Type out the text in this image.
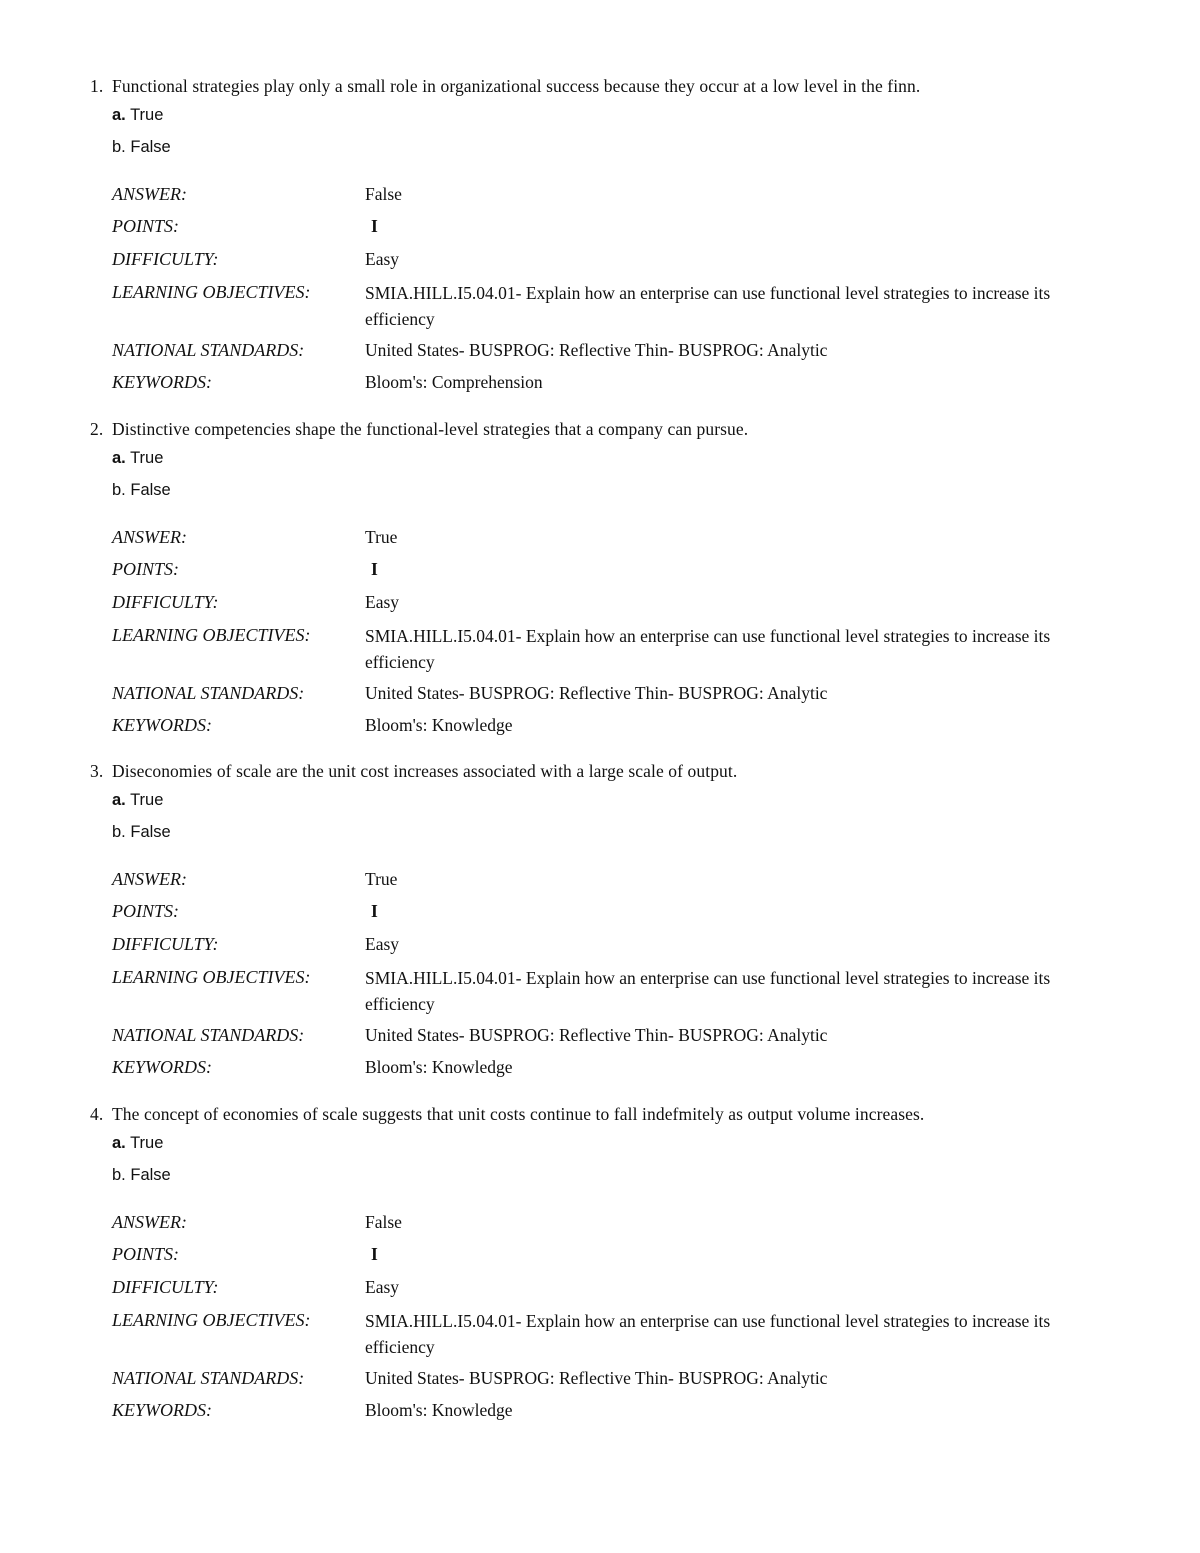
1. Functional strategies play only a small role in organizational success because they occur at a low level in the finn.
a. True
b. False
ANSWER:	False
POINTS:	I
DIFFICULTY:	Easy
LEARNING OBJECTIVES:	SMIA.HILL.I5.04.01- Explain how an enterprise can use functional level strategies to increase its efficiency
NATIONAL STANDARDS:	United States- BUSPROG: Reflective Thin- BUSPROG: Analytic
KEYWORDS:	Bloom's: Comprehension
2. Distinctive competencies shape the functional-level strategies that a company can pursue.
a. True
b. False
ANSWER:	True
POINTS:	I
DIFFICULTY:	Easy
LEARNING OBJECTIVES:	SMIA.HILL.I5.04.01- Explain how an enterprise can use functional level strategies to increase its efficiency
NATIONAL STANDARDS:	United States- BUSPROG: Reflective Thin- BUSPROG: Analytic
KEYWORDS:	Bloom's: Knowledge
3. Diseconomies of scale are the unit cost increases associated with a large scale of output.
a. True
b. False
ANSWER:	True
POINTS:	I
DIFFICULTY:	Easy
LEARNING OBJECTIVES:	SMIA.HILL.I5.04.01- Explain how an enterprise can use functional level strategies to increase its efficiency
NATIONAL STANDARDS:	United States- BUSPROG: Reflective Thin- BUSPROG: Analytic
KEYWORDS:	Bloom's: Knowledge
4. The concept of economies of scale suggests that unit costs continue to fall indefmitely as output volume increases.
a. True
b. False
ANSWER:	False
POINTS:	I
DIFFICULTY:	Easy
LEARNING OBJECTIVES:	SMIA.HILL.I5.04.01- Explain how an enterprise can use functional level strategies to increase its efficiency
NATIONAL STANDARDS:	United States- BUSPROG: Reflective Thin- BUSPROG: Analytic
KEYWORDS:	Bloom's: Knowledge
